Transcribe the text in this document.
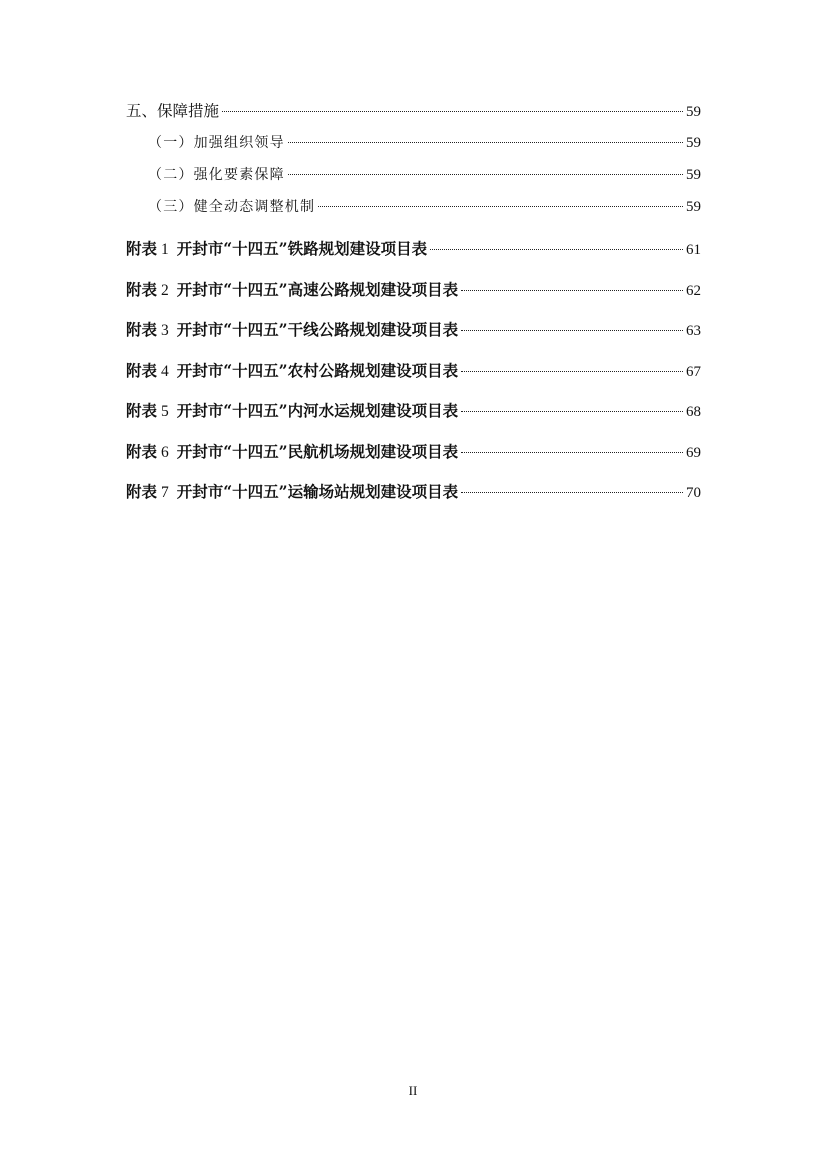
五、保障措施	59
（一）加强组织领导	59
（二）强化要素保障	59
（三）健全动态调整机制	59
附表 1 开封市“十四五”铁路规划建设项目表	61
附表 2 开封市“十四五”高速公路规划建设项目表	62
附表 3 开封市“十四五”干线公路规划建设项目表	63
附表 4 开封市“十四五”农村公路规划建设项目表	67
附表 5 开封市“十四五”内河水运规划建设项目表	68
附表 6 开封市“十四五”民航机场规划建设项目表	69
附表 7 开封市“十四五”运输场站规划建设项目表	70
II
